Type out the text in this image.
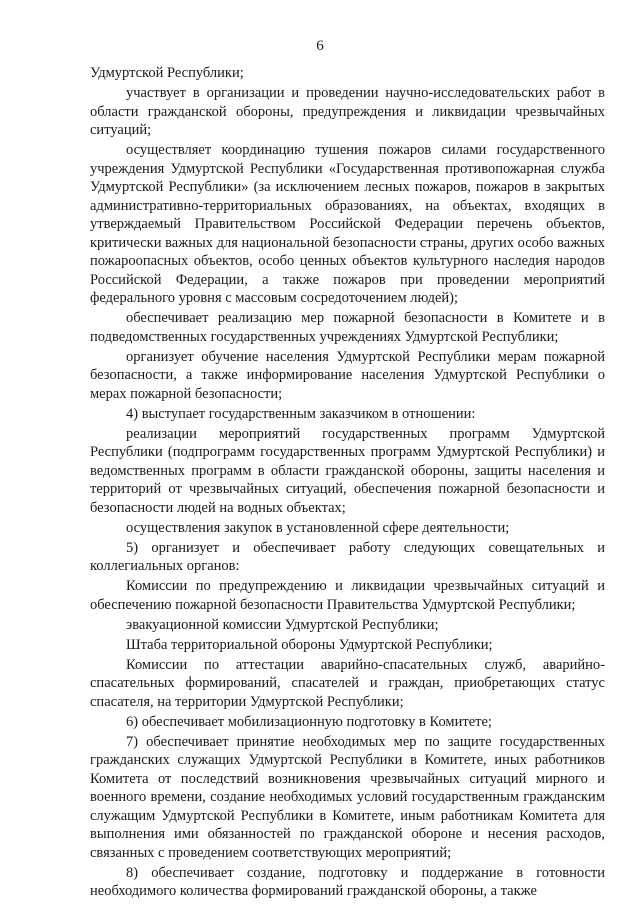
6

Удмуртской Республики;

участвует в организации и проведении научно-исследовательских работ в области гражданской обороны, предупреждения и ликвидации чрезвычайных ситуаций;

осуществляет координацию тушения пожаров силами государственного учреждения Удмуртской Республики «Государственная противопожарная служба Удмуртской Республики» (за исключением лесных пожаров, пожаров в закрытых административно-территориальных образованиях, на объектах, входящих в утверждаемый Правительством Российской Федерации перечень объектов, критически важных для национальной безопасности страны, других особо важных пожароопасных объектов, особо ценных объектов культурного наследия народов Российской Федерации, а также пожаров при проведении мероприятий федерального уровня с массовым сосредоточением людей);

обеспечивает реализацию мер пожарной безопасности в Комитете и в подведомственных государственных учреждениях Удмуртской Республики;

организует обучение населения Удмуртской Республики мерам пожарной безопасности, а также информирование населения Удмуртской Республики о мерах пожарной безопасности;

4) выступает государственным заказчиком в отношении:

реализации мероприятий государственных программ Удмуртской Республики (подпрограмм государственных программ Удмуртской Республики) и ведомственных программ в области гражданской обороны, защиты населения и территорий от чрезвычайных ситуаций, обеспечения пожарной безопасности и безопасности людей на водных объектах;

осуществления закупок в установленной сфере деятельности;

5) организует и обеспечивает работу следующих совещательных и коллегиальных органов:

Комиссии по предупреждению и ликвидации чрезвычайных ситуаций и обеспечению пожарной безопасности Правительства Удмуртской Республики;

эвакуационной комиссии Удмуртской Республики;

Штаба территориальной обороны Удмуртской Республики;

Комиссии по аттестации аварийно-спасательных служб, аварийно-спасательных формирований, спасателей и граждан, приобретающих статус спасателя, на территории Удмуртской Республики;

6) обеспечивает мобилизационную подготовку в Комитете;

7) обеспечивает принятие необходимых мер по защите государственных гражданских служащих Удмуртской Республики в Комитете, иных работников Комитета от последствий возникновения чрезвычайных ситуаций мирного и военного времени, создание необходимых условий государственным гражданским служащим Удмуртской Республики в Комитете, иным работникам Комитета для выполнения ими обязанностей по гражданской обороне и несения расходов, связанных с проведением соответствующих мероприятий;

8) обеспечивает создание, подготовку и поддержание в готовности необходимого количества формирований гражданской обороны, а также
